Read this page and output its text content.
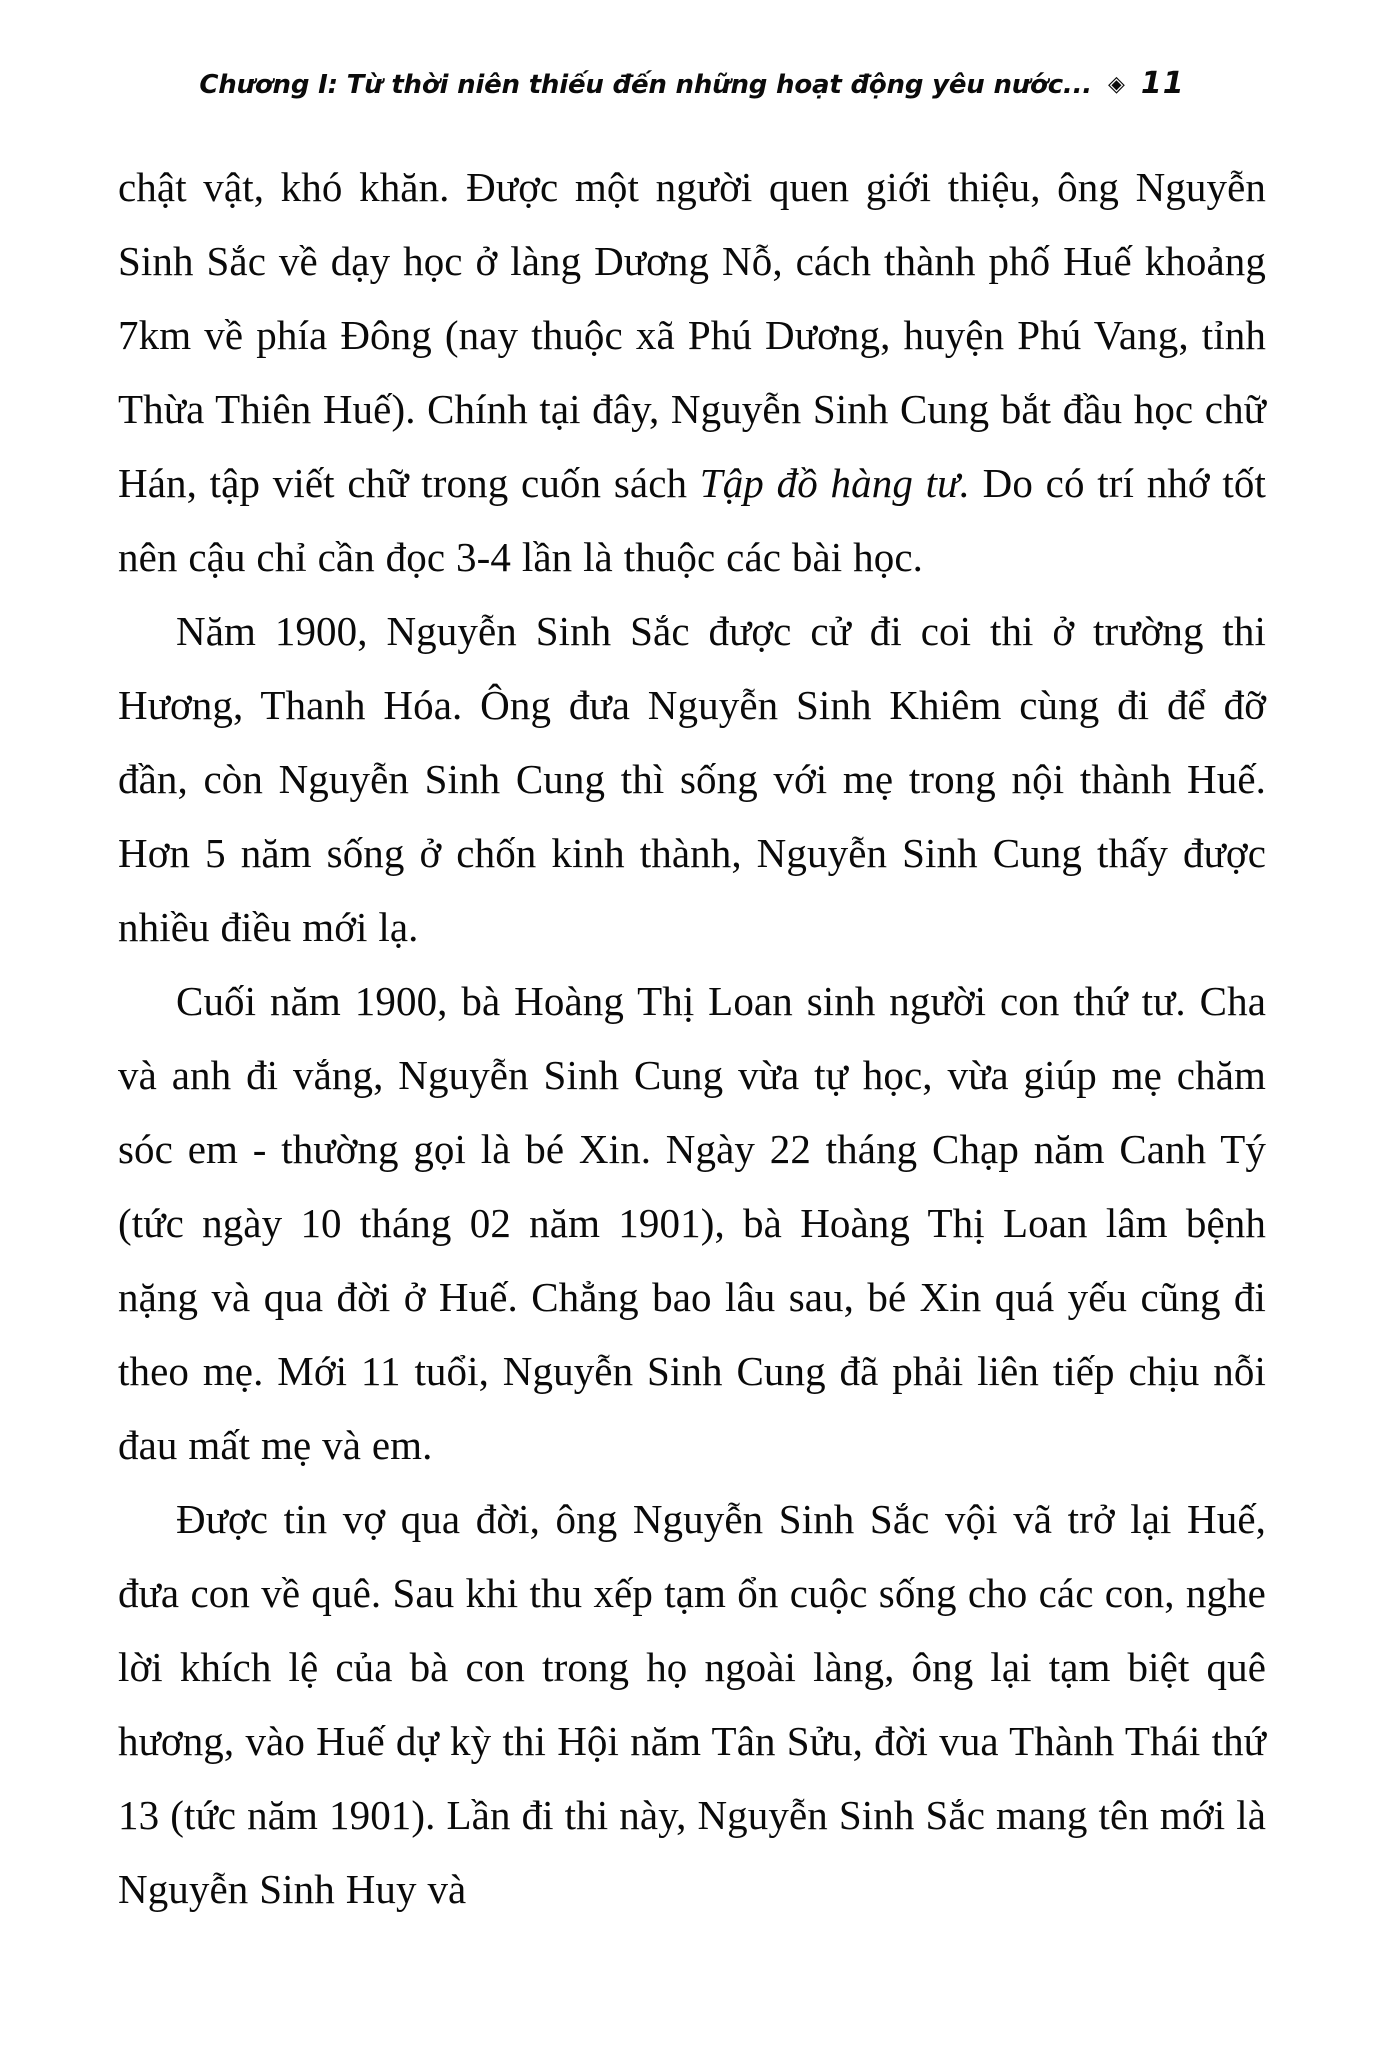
Chương I: Từ thời niên thiếu đến những hoạt động yêu nước... ◈ 11

chật vật, khó khăn. Được một người quen giới thiệu, ông Nguyễn Sinh Sắc về dạy học ở làng Dương Nỗ, cách thành phố Huế khoảng 7km về phía Đông (nay thuộc xã Phú Dương, huyện Phú Vang, tỉnh Thừa Thiên Huế). Chính tại đây, Nguyễn Sinh Cung bắt đầu học chữ Hán, tập viết chữ trong cuốn sách Tập đồ hàng tư. Do có trí nhớ tốt nên cậu chỉ cần đọc 3-4 lần là thuộc các bài học.

Năm 1900, Nguyễn Sinh Sắc được cử đi coi thi ở trường thi Hương, Thanh Hóa. Ông đưa Nguyễn Sinh Khiêm cùng đi để đỡ đần, còn Nguyễn Sinh Cung thì sống với mẹ trong nội thành Huế. Hơn 5 năm sống ở chốn kinh thành, Nguyễn Sinh Cung thấy được nhiều điều mới lạ.

Cuối năm 1900, bà Hoàng Thị Loan sinh người con thứ tư. Cha và anh đi vắng, Nguyễn Sinh Cung vừa tự học, vừa giúp mẹ chăm sóc em - thường gọi là bé Xin. Ngày 22 tháng Chạp năm Canh Tý (tức ngày 10 tháng 02 năm 1901), bà Hoàng Thị Loan lâm bệnh nặng và qua đời ở Huế. Chẳng bao lâu sau, bé Xin quá yếu cũng đi theo mẹ. Mới 11 tuổi, Nguyễn Sinh Cung đã phải liên tiếp chịu nỗi đau mất mẹ và em.

Được tin vợ qua đời, ông Nguyễn Sinh Sắc vội vã trở lại Huế, đưa con về quê. Sau khi thu xếp tạm ổn cuộc sống cho các con, nghe lời khích lệ của bà con trong họ ngoài làng, ông lại tạm biệt quê hương, vào Huế dự kỳ thi Hội năm Tân Sửu, đời vua Thành Thái thứ 13 (tức năm 1901). Lần đi thi này, Nguyễn Sinh Sắc mang tên mới là Nguyễn Sinh Huy và
